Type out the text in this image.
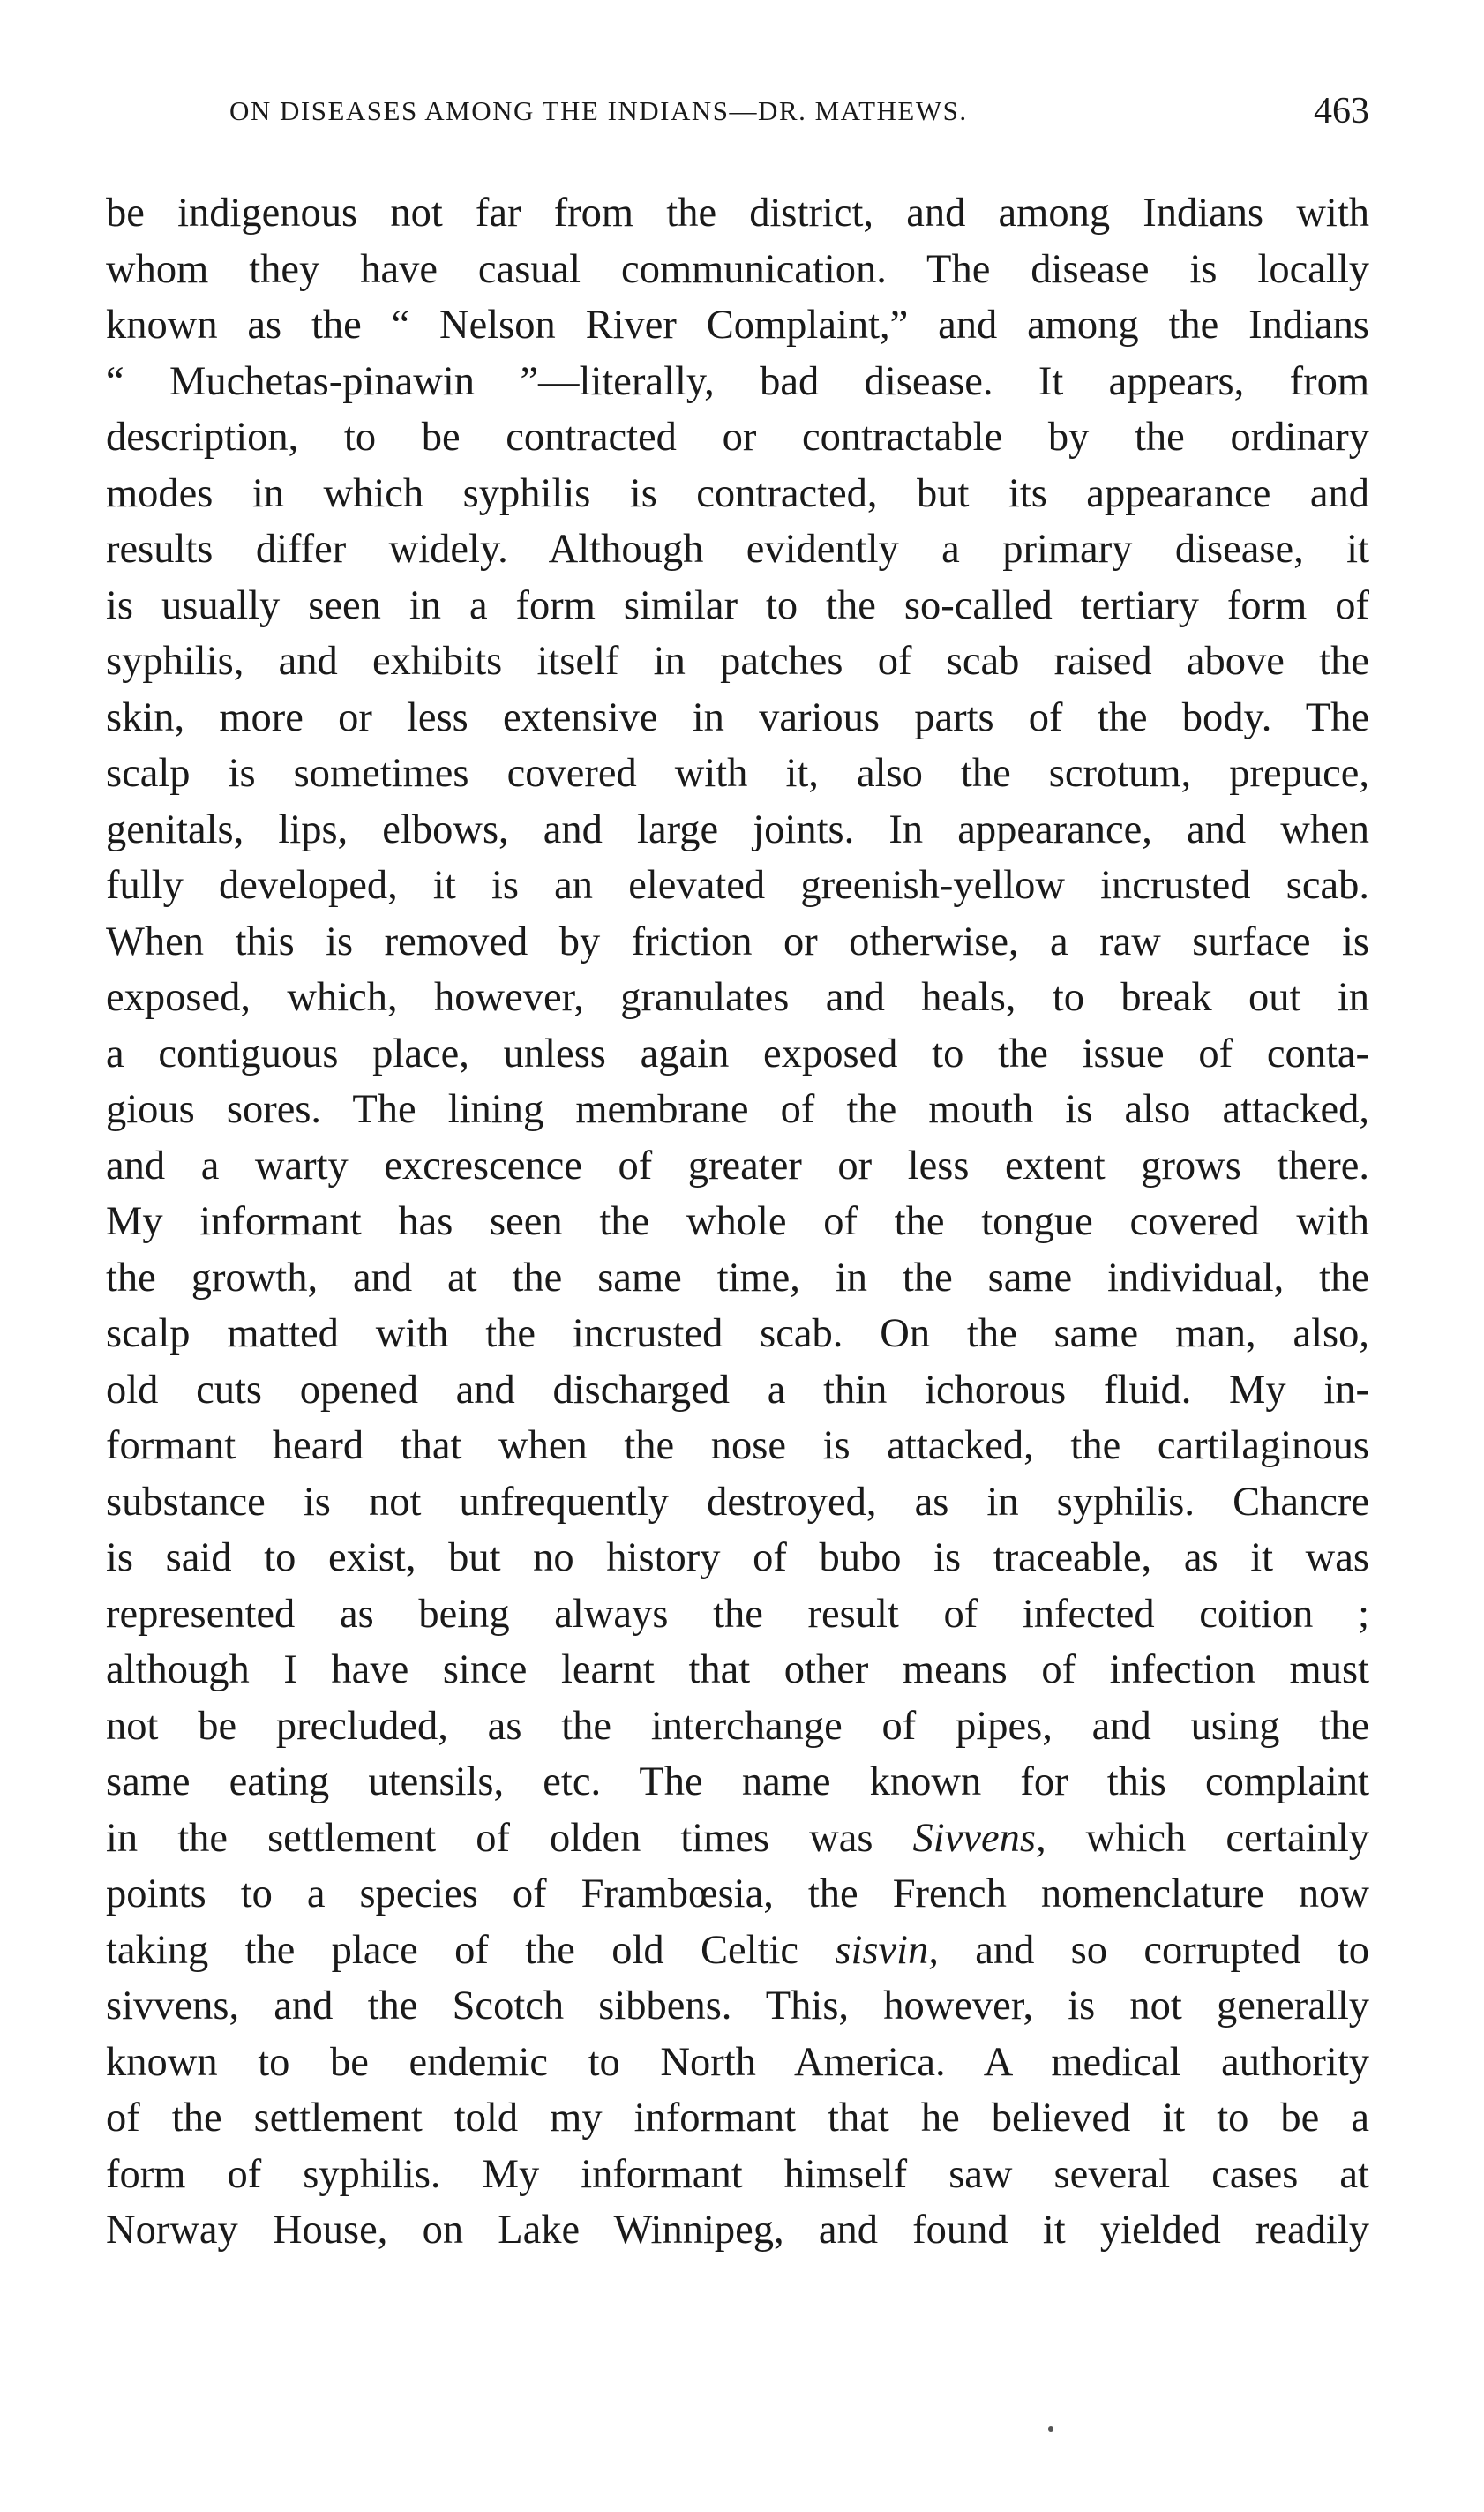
ON DISEASES AMONG THE INDIANS—DR. MATHEWS.	463
be indigenous not far from the district, and among Indians with
whom they have casual communication. The disease is locally
known as the “ Nelson River Complaint,” and among the Indians
“ Muchetas-pinawin ”—literally, bad disease. It appears, from
description, to be contracted or contractable by the ordinary
modes in which syphilis is contracted, but its appearance and
results differ widely. Although evidently a primary disease, it
is usually seen in a form similar to the so-called tertiary form of
syphilis, and exhibits itself in patches of scab raised above the
skin, more or less extensive in various parts of the body. The
scalp is sometimes covered with it, also the scrotum, prepuce,
genitals, lips, elbows, and large joints. In appearance, and when
fully developed, it is an elevated greenish-yellow incrusted scab.
When this is removed by friction or otherwise, a raw surface is
exposed, which, however, granulates and heals, to break out in
a contiguous place, unless again exposed to the issue of conta-
gious sores. The lining membrane of the mouth is also attacked,
and a warty excrescence of greater or less extent grows there.
My informant has seen the whole of the tongue covered with
the growth, and at the same time, in the same individual, the
scalp matted with the incrusted scab. On the same man, also,
old cuts opened and discharged a thin ichorous fluid. My in-
formant heard that when the nose is attacked, the cartilaginous
substance is not unfrequently destroyed, as in syphilis. Chancre
is said to exist, but no history of bubo is traceable, as it was
represented as being always the result of infected coition ;
although I have since learnt that other means of infection must
not be precluded, as the interchange of pipes, and using the
same eating utensils, etc. The name known for this complaint
in the settlement of olden times was Sivvens, which certainly
points to a species of Frambœsia, the French nomenclature now
taking the place of the old Celtic sisvin, and so corrupted to
sivvens, and the Scotch sibbens. This, however, is not generally
known to be endemic to North America. A medical authority
of the settlement told my informant that he believed it to be a
form of syphilis. My informant himself saw several cases at
Norway House, on Lake Winnipeg, and found it yielded readily
